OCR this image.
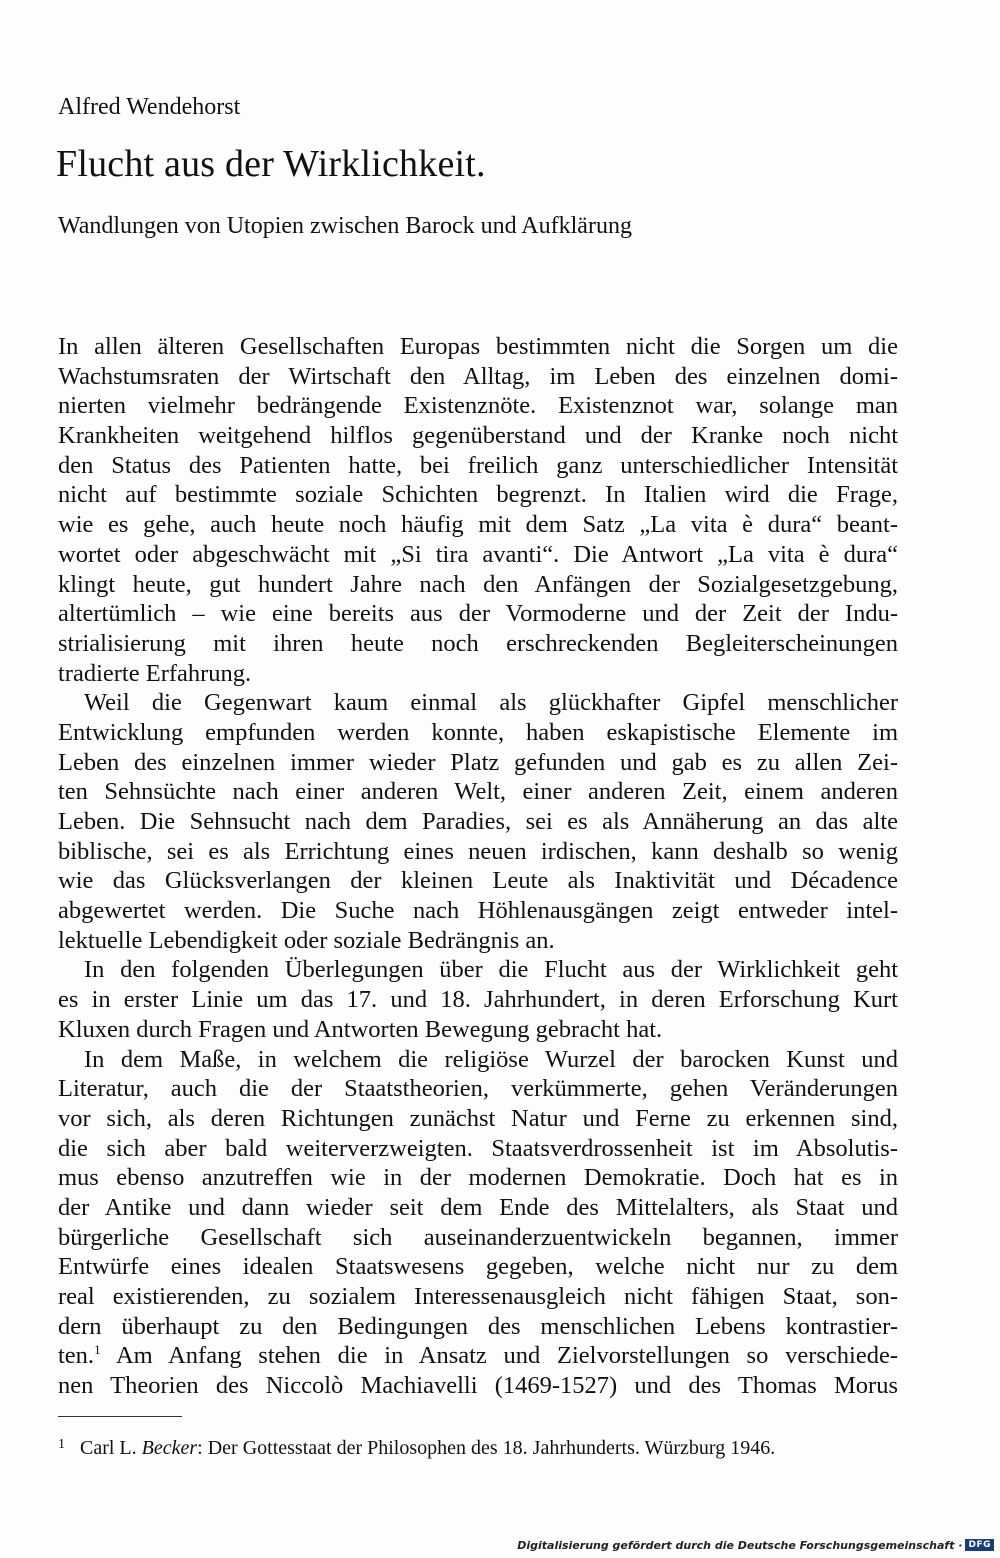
Alfred Wendehorst
Flucht aus der Wirklichkeit.
Wandlungen von Utopien zwischen Barock und Aufklärung
In allen älteren Gesellschaften Europas bestimmten nicht die Sorgen um die
Wachstumsraten der Wirtschaft den Alltag, im Leben des einzelnen domi-
nierten vielmehr bedrängende Existenznöte. Existenznot war, solange man
Krankheiten weitgehend hilflos gegenüberstand und der Kranke noch nicht
den Status des Patienten hatte, bei freilich ganz unterschiedlicher Intensität
nicht auf bestimmte soziale Schichten begrenzt. In Italien wird die Frage,
wie es gehe, auch heute noch häufig mit dem Satz „La vita è dura“ beant-
wortet oder abgeschwächt mit „Si tira avanti“. Die Antwort „La vita è dura“
klingt heute, gut hundert Jahre nach den Anfängen der Sozialgesetzgebung,
altertümlich – wie eine bereits aus der Vormoderne und der Zeit der Indu-
strialisierung mit ihren heute noch erschreckenden Begleiterscheinungen
tradierte Erfahrung.
Weil die Gegenwart kaum einmal als glückhafter Gipfel menschlicher
Entwicklung empfunden werden konnte, haben eskapistische Elemente im
Leben des einzelnen immer wieder Platz gefunden und gab es zu allen Zei-
ten Sehnsüchte nach einer anderen Welt, einer anderen Zeit, einem anderen
Leben. Die Sehnsucht nach dem Paradies, sei es als Annäherung an das alte
biblische, sei es als Errichtung eines neuen irdischen, kann deshalb so wenig
wie das Glücksverlangen der kleinen Leute als Inaktivität und Décadence
abgewertet werden. Die Suche nach Höhlenausgängen zeigt entweder intel-
lektuelle Lebendigkeit oder soziale Bedrängnis an.
In den folgenden Überlegungen über die Flucht aus der Wirklichkeit geht
es in erster Linie um das 17. und 18. Jahrhundert, in deren Erforschung Kurt
Kluxen durch Fragen und Antworten Bewegung gebracht hat.
In dem Maße, in welchem die religiöse Wurzel der barocken Kunst und
Literatur, auch die der Staatstheorien, verkümmerte, gehen Veränderungen
vor sich, als deren Richtungen zunächst Natur und Ferne zu erkennen sind,
die sich aber bald weiterverzweigten. Staatsverdrossenheit ist im Absolutis-
mus ebenso anzutreffen wie in der modernen Demokratie. Doch hat es in
der Antike und dann wieder seit dem Ende des Mittelalters, als Staat und
bürgerliche Gesellschaft sich auseinanderzuentwickeln begannen, immer
Entwürfe eines idealen Staatswesens gegeben, welche nicht nur zu dem
real existierenden, zu sozialem Interessenausgleich nicht fähigen Staat, son-
dern überhaupt zu den Bedingungen des menschlichen Lebens kontrastier-
ten.$^1$ Am Anfang stehen die in Ansatz und Zielvorstellungen so verschiede-
nen Theorien des Niccolò Machiavelli (1469-1527) und des Thomas Morus
1 Carl L. Becker: Der Gottesstaat der Philosophen des 18. Jahrhunderts. Würzburg 1946.
Digitalisierung gefördert durch die Deutsche Forschungsgemeinschaft · DFG
